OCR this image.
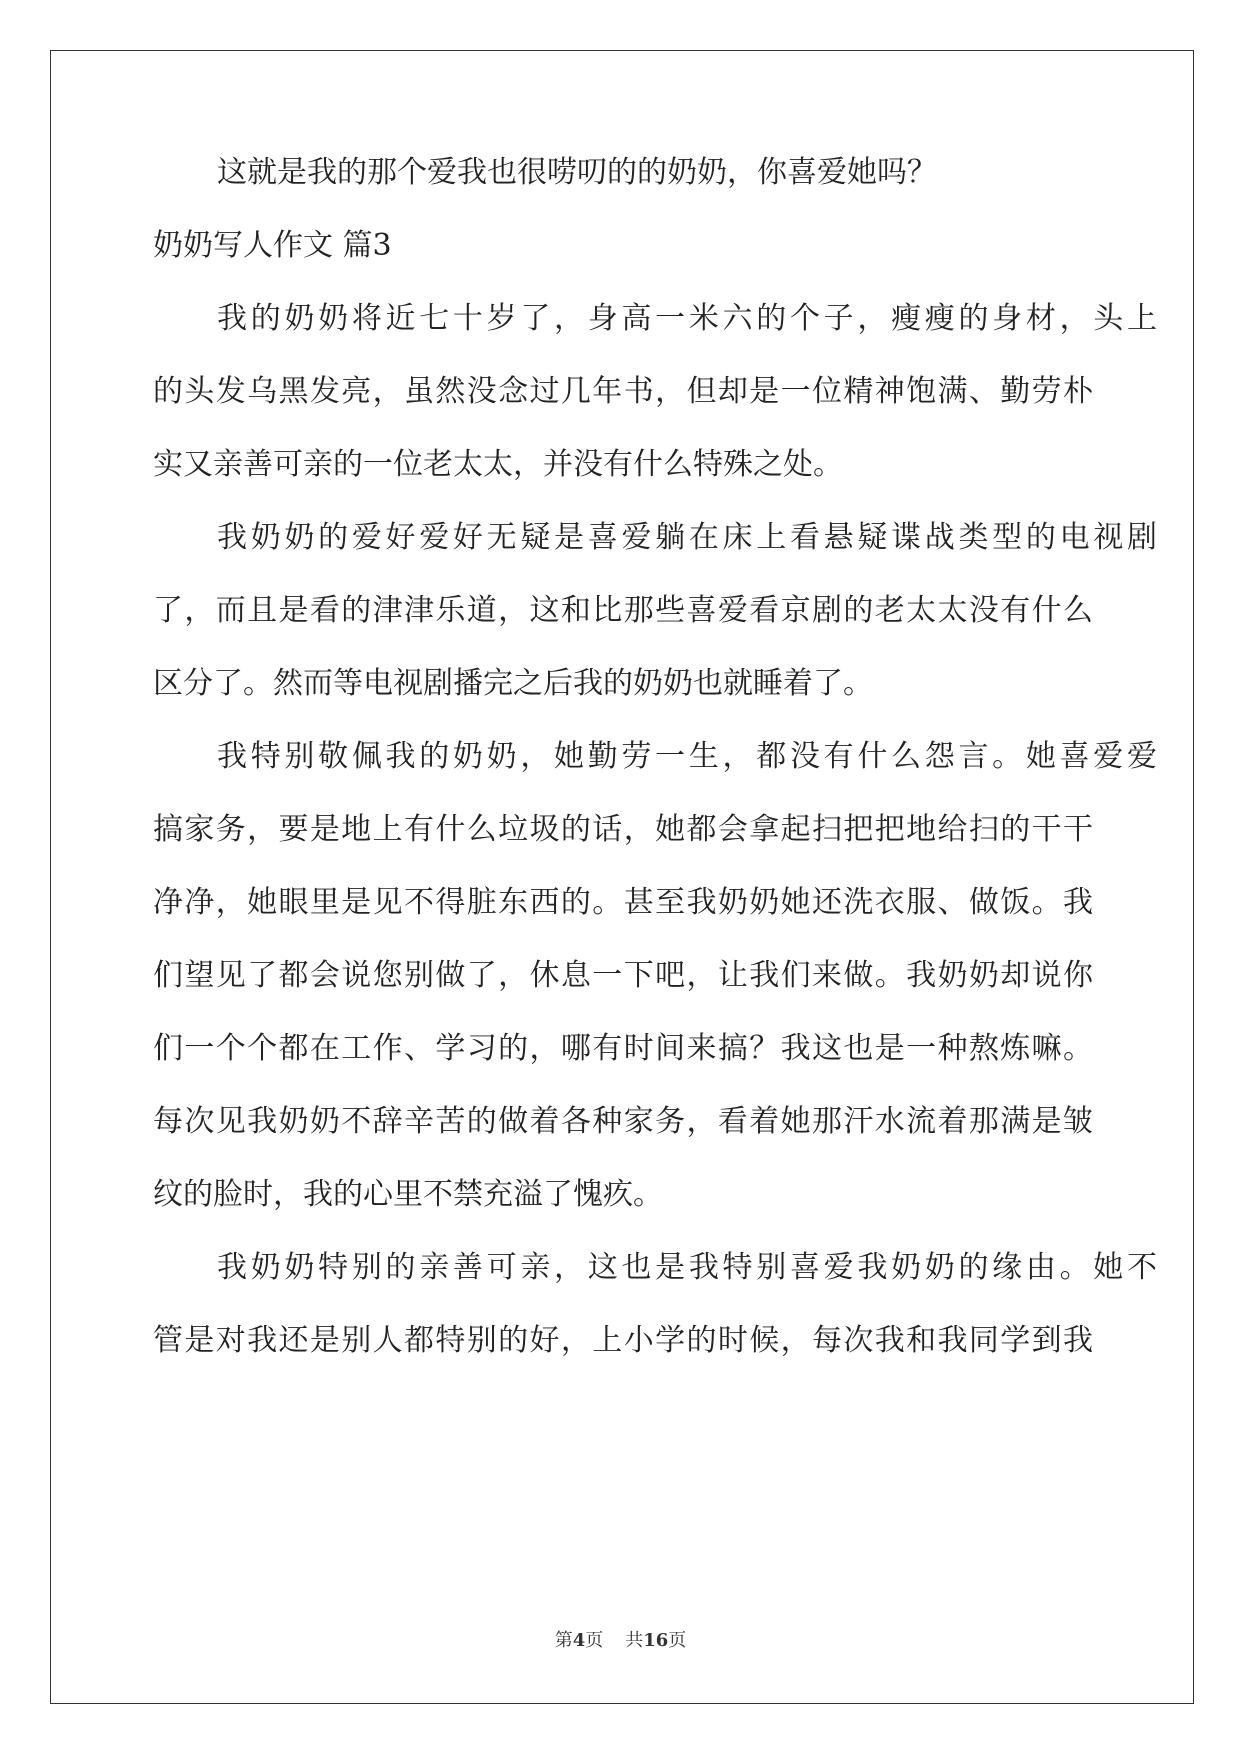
这就是我的那个爱我也很唠叨的的奶奶，你喜爱她吗？
奶奶写人作文 篇3
我的奶奶将近七十岁了，身高一米六的个子，瘦瘦的身材，头上
的头发乌黑发亮，虽然没念过几年书，但却是一位精神饱满、勤劳朴
实又亲善可亲的一位老太太，并没有什么特殊之处。
我奶奶的爱好爱好无疑是喜爱躺在床上看悬疑谍战类型的电视剧
了，而且是看的津津乐道，这和比那些喜爱看京剧的老太太没有什么
区分了。然而等电视剧播完之后我的奶奶也就睡着了。
我特别敬佩我的奶奶，她勤劳一生，都没有什么怨言。她喜爱爱
搞家务，要是地上有什么垃圾的话，她都会拿起扫把把地给扫的干干
净净，她眼里是见不得脏东西的。甚至我奶奶她还洗衣服、做饭。我
们望见了都会说您别做了，休息一下吧，让我们来做。我奶奶却说你
们一个个都在工作、学习的，哪有时间来搞？我这也是一种熬炼嘛。
每次见我奶奶不辞辛苦的做着各种家务，看着她那汗水流着那满是皱
纹的脸时，我的心里不禁充溢了愧疚。
我奶奶特别的亲善可亲，这也是我特别喜爱我奶奶的缘由。她不
管是对我还是别人都特别的好，上小学的时候，每次我和我同学到我
第4页 共16页
